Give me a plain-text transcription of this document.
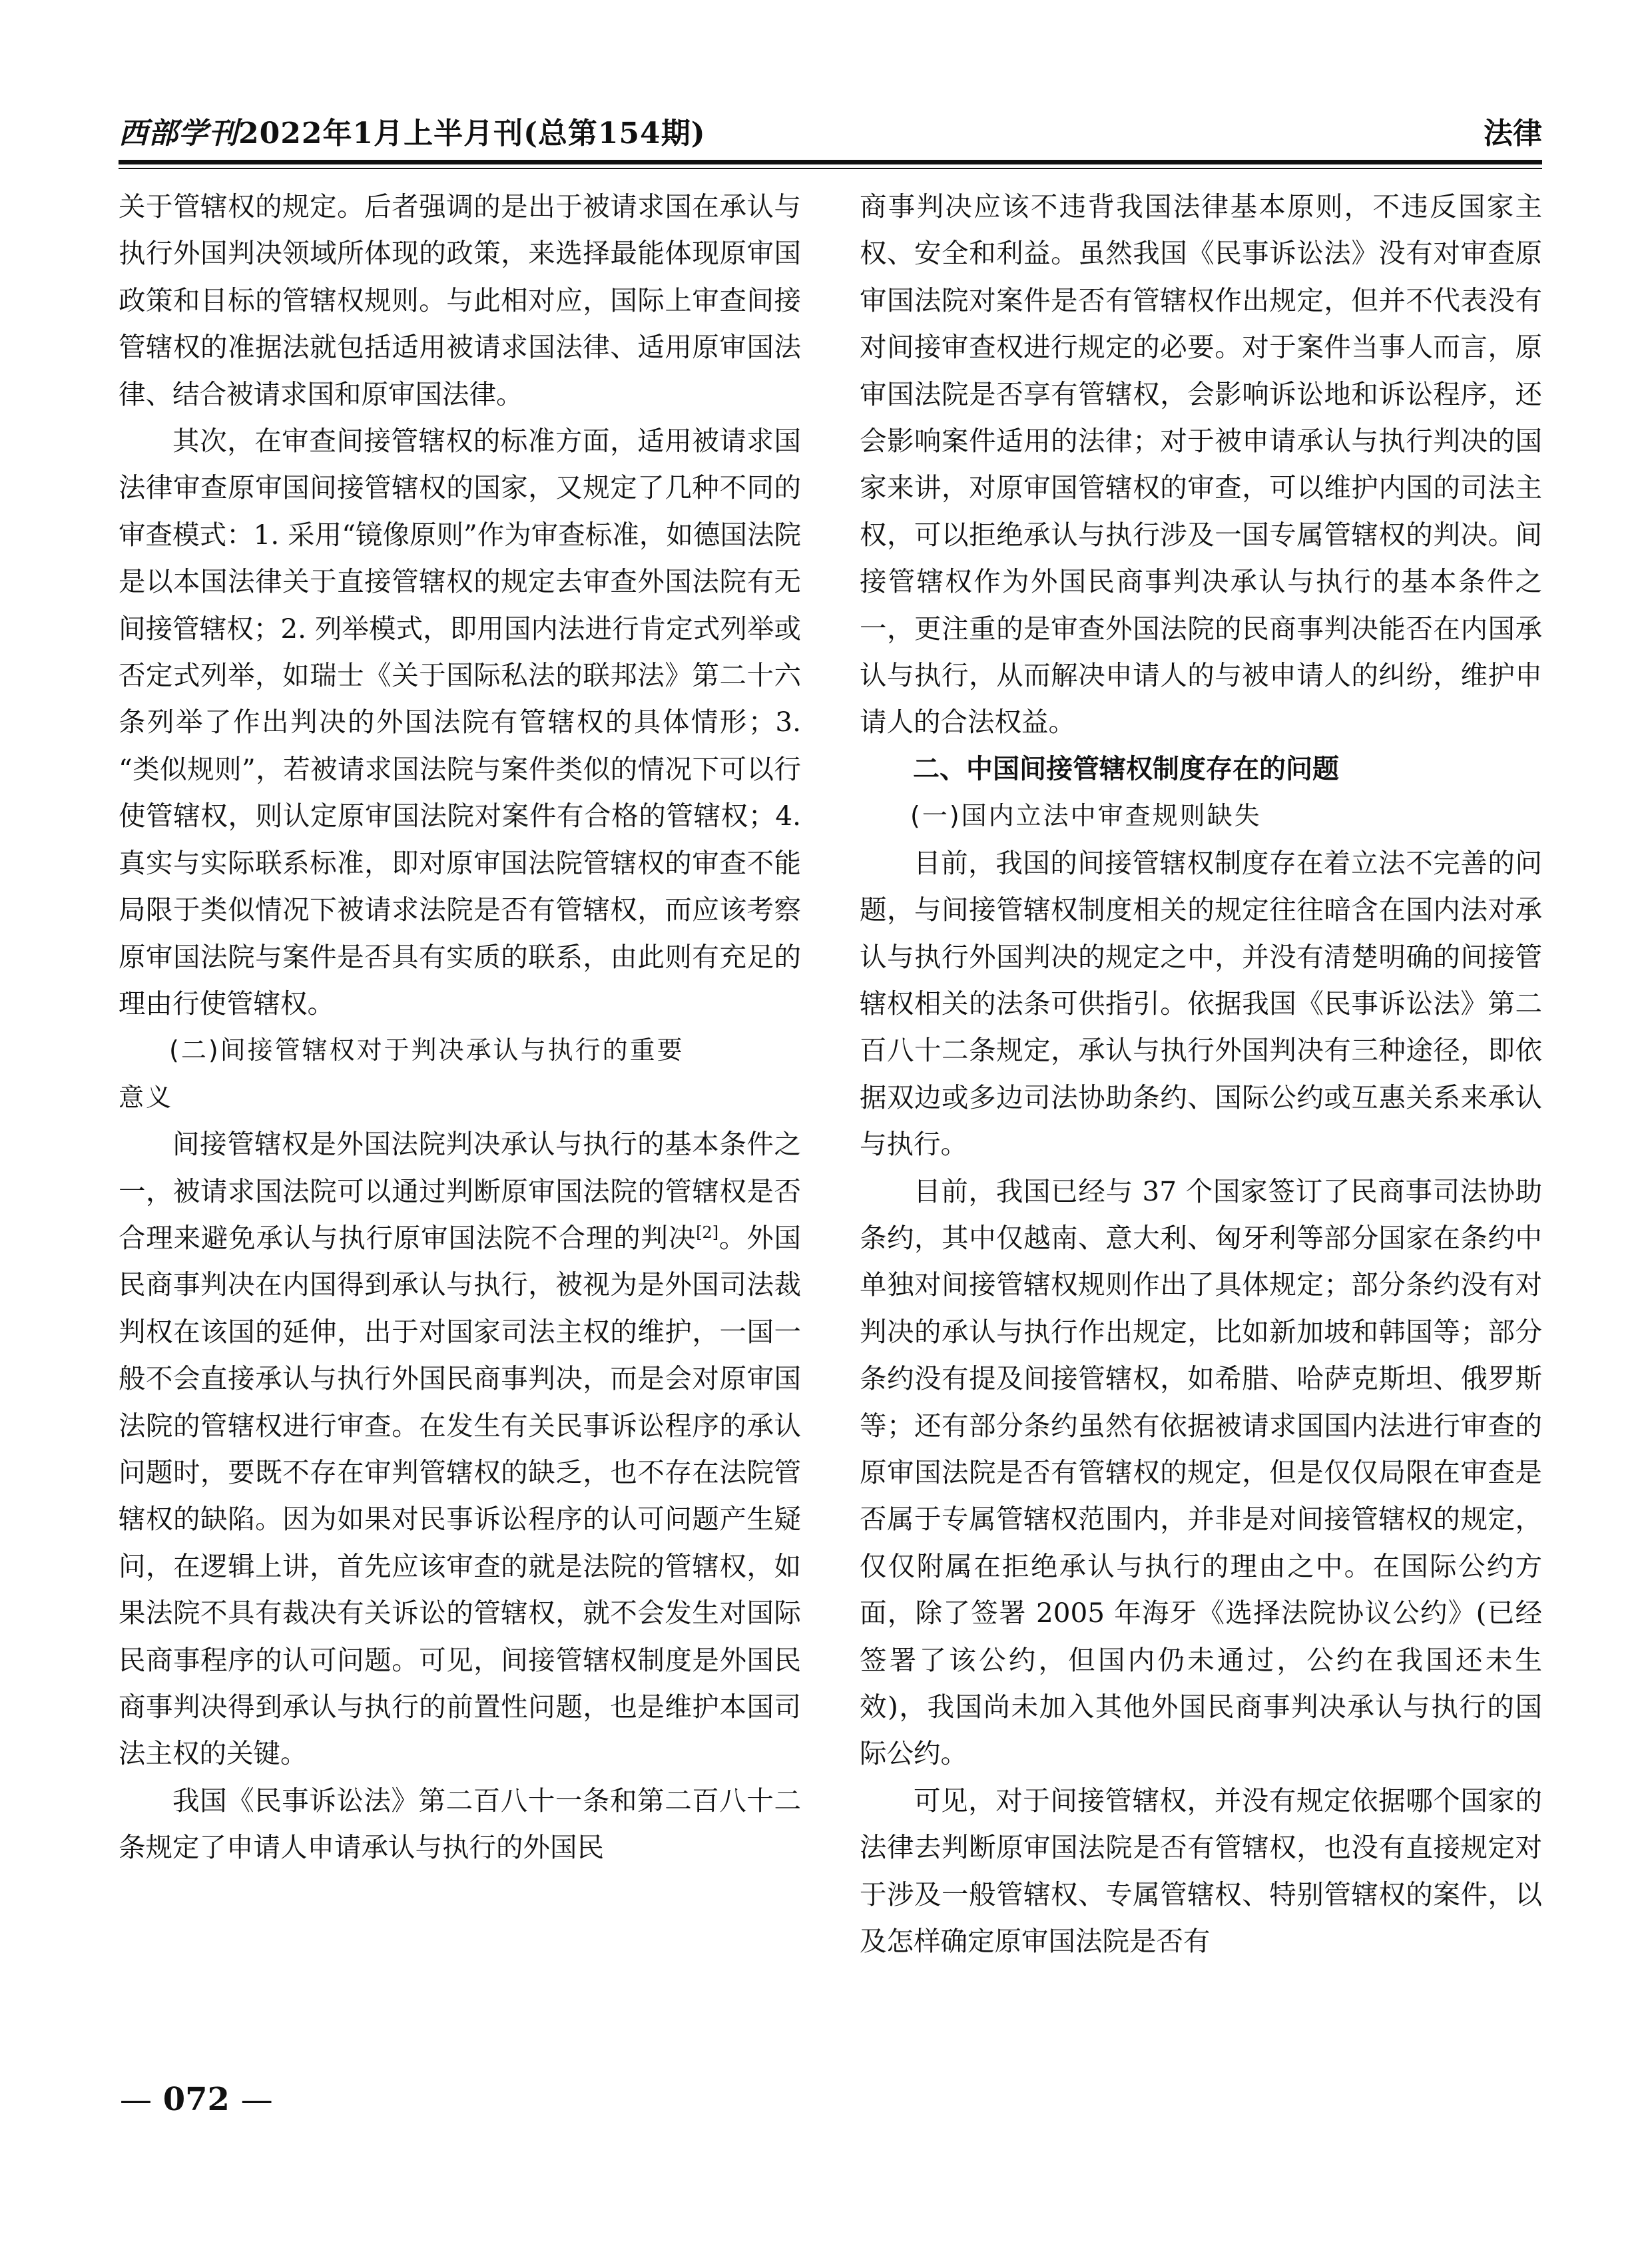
西部学刊2022年1月上半月刊(总第154期)	法律

关于管辖权的规定。后者强调的是出于被请求国在承认与执行外国判决领域所体现的政策，来选择最能体现原审国政策和目标的管辖权规则。与此相对应，国际上审查间接管辖权的准据法就包括适用被请求国法律、适用原审国法律、结合被请求国和原审国法律。

其次，在审查间接管辖权的标准方面，适用被请求国法律审查原审国间接管辖权的国家，又规定了几种不同的审查模式：1. 采用“镜像原则”作为审查标准，如德国法院是以本国法律关于直接管辖权的规定去审查外国法院有无间接管辖权；2. 列举模式，即用国内法进行肯定式列举或否定式列举，如瑞士《关于国际私法的联邦法》第二十六条列举了作出判决的外国法院有管辖权的具体情形；3. “类似规则”，若被请求国法院与案件类似的情况下可以行使管辖权，则认定原审国法院对案件有合格的管辖权；4. 真实与实际联系标准，即对原审国法院管辖权的审查不能局限于类似情况下被请求法院是否有管辖权，而应该考察原审国法院与案件是否具有实质的联系，由此则有充足的理由行使管辖权。

(二)间接管辖权对于判决承认与执行的重要
意义

间接管辖权是外国法院判决承认与执行的基本条件之一，被请求国法院可以通过判断原审国法院的管辖权是否合理来避免承认与执行原审国法院不合理的判决[2]。外国民商事判决在内国得到承认与执行，被视为是外国司法裁判权在该国的延伸，出于对国家司法主权的维护，一国一般不会直接承认与执行外国民商事判决，而是会对原审国法院的管辖权进行审查。在发生有关民事诉讼程序的承认问题时，要既不存在审判管辖权的缺乏，也不存在法院管辖权的缺陷。因为如果对民事诉讼程序的认可问题产生疑问，在逻辑上讲，首先应该审查的就是法院的管辖权，如果法院不具有裁决有关诉讼的管辖权，就不会发生对国际民商事程序的认可问题。可见，间接管辖权制度是外国民商事判决得到承认与执行的前置性问题，也是维护本国司法主权的关键。

我国《民事诉讼法》第二百八十一条和第二百八十二条规定了申请人申请承认与执行的外国民

商事判决应该不违背我国法律基本原则，不违反国家主权、安全和利益。虽然我国《民事诉讼法》没有对审查原审国法院对案件是否有管辖权作出规定，但并不代表没有对间接审查权进行规定的必要。对于案件当事人而言，原审国法院是否享有管辖权，会影响诉讼地和诉讼程序，还会影响案件适用的法律；对于被申请承认与执行判决的国家来讲，对原审国管辖权的审查，可以维护内国的司法主权，可以拒绝承认与执行涉及一国专属管辖权的判决。间接管辖权作为外国民商事判决承认与执行的基本条件之一，更注重的是审查外国法院的民商事判决能否在内国承认与执行，从而解决申请人的与被申请人的纠纷，维护申请人的合法权益。

二、中国间接管辖权制度存在的问题
(一)国内立法中审查规则缺失

目前，我国的间接管辖权制度存在着立法不完善的问题，与间接管辖权制度相关的规定往往暗含在国内法对承认与执行外国判决的规定之中，并没有清楚明确的间接管辖权相关的法条可供指引。依据我国《民事诉讼法》第二百八十二条规定，承认与执行外国判决有三种途径，即依据双边或多边司法协助条约、国际公约或互惠关系来承认与执行。

目前，我国已经与 37 个国家签订了民商事司法协助条约，其中仅越南、意大利、匈牙利等部分国家在条约中单独对间接管辖权规则作出了具体规定；部分条约没有对判决的承认与执行作出规定，比如新加坡和韩国等；部分条约没有提及间接管辖权，如希腊、哈萨克斯坦、俄罗斯等；还有部分条约虽然有依据被请求国国内法进行审查的原审国法院是否有管辖权的规定，但是仅仅局限在审查是否属于专属管辖权范围内，并非是对间接管辖权的规定，仅仅附属在拒绝承认与执行的理由之中。在国际公约方面，除了签署 2005 年海牙《选择法院协议公约》(已经签署了该公约，但国内仍未通过，公约在我国还未生效)，我国尚未加入其他外国民商事判决承认与执行的国际公约。

可见，对于间接管辖权，并没有规定依据哪个国家的法律去判断原审国法院是否有管辖权，也没有直接规定对于涉及一般管辖权、专属管辖权、特别管辖权的案件，以及怎样确定原审国法院是否有

— 072 —
